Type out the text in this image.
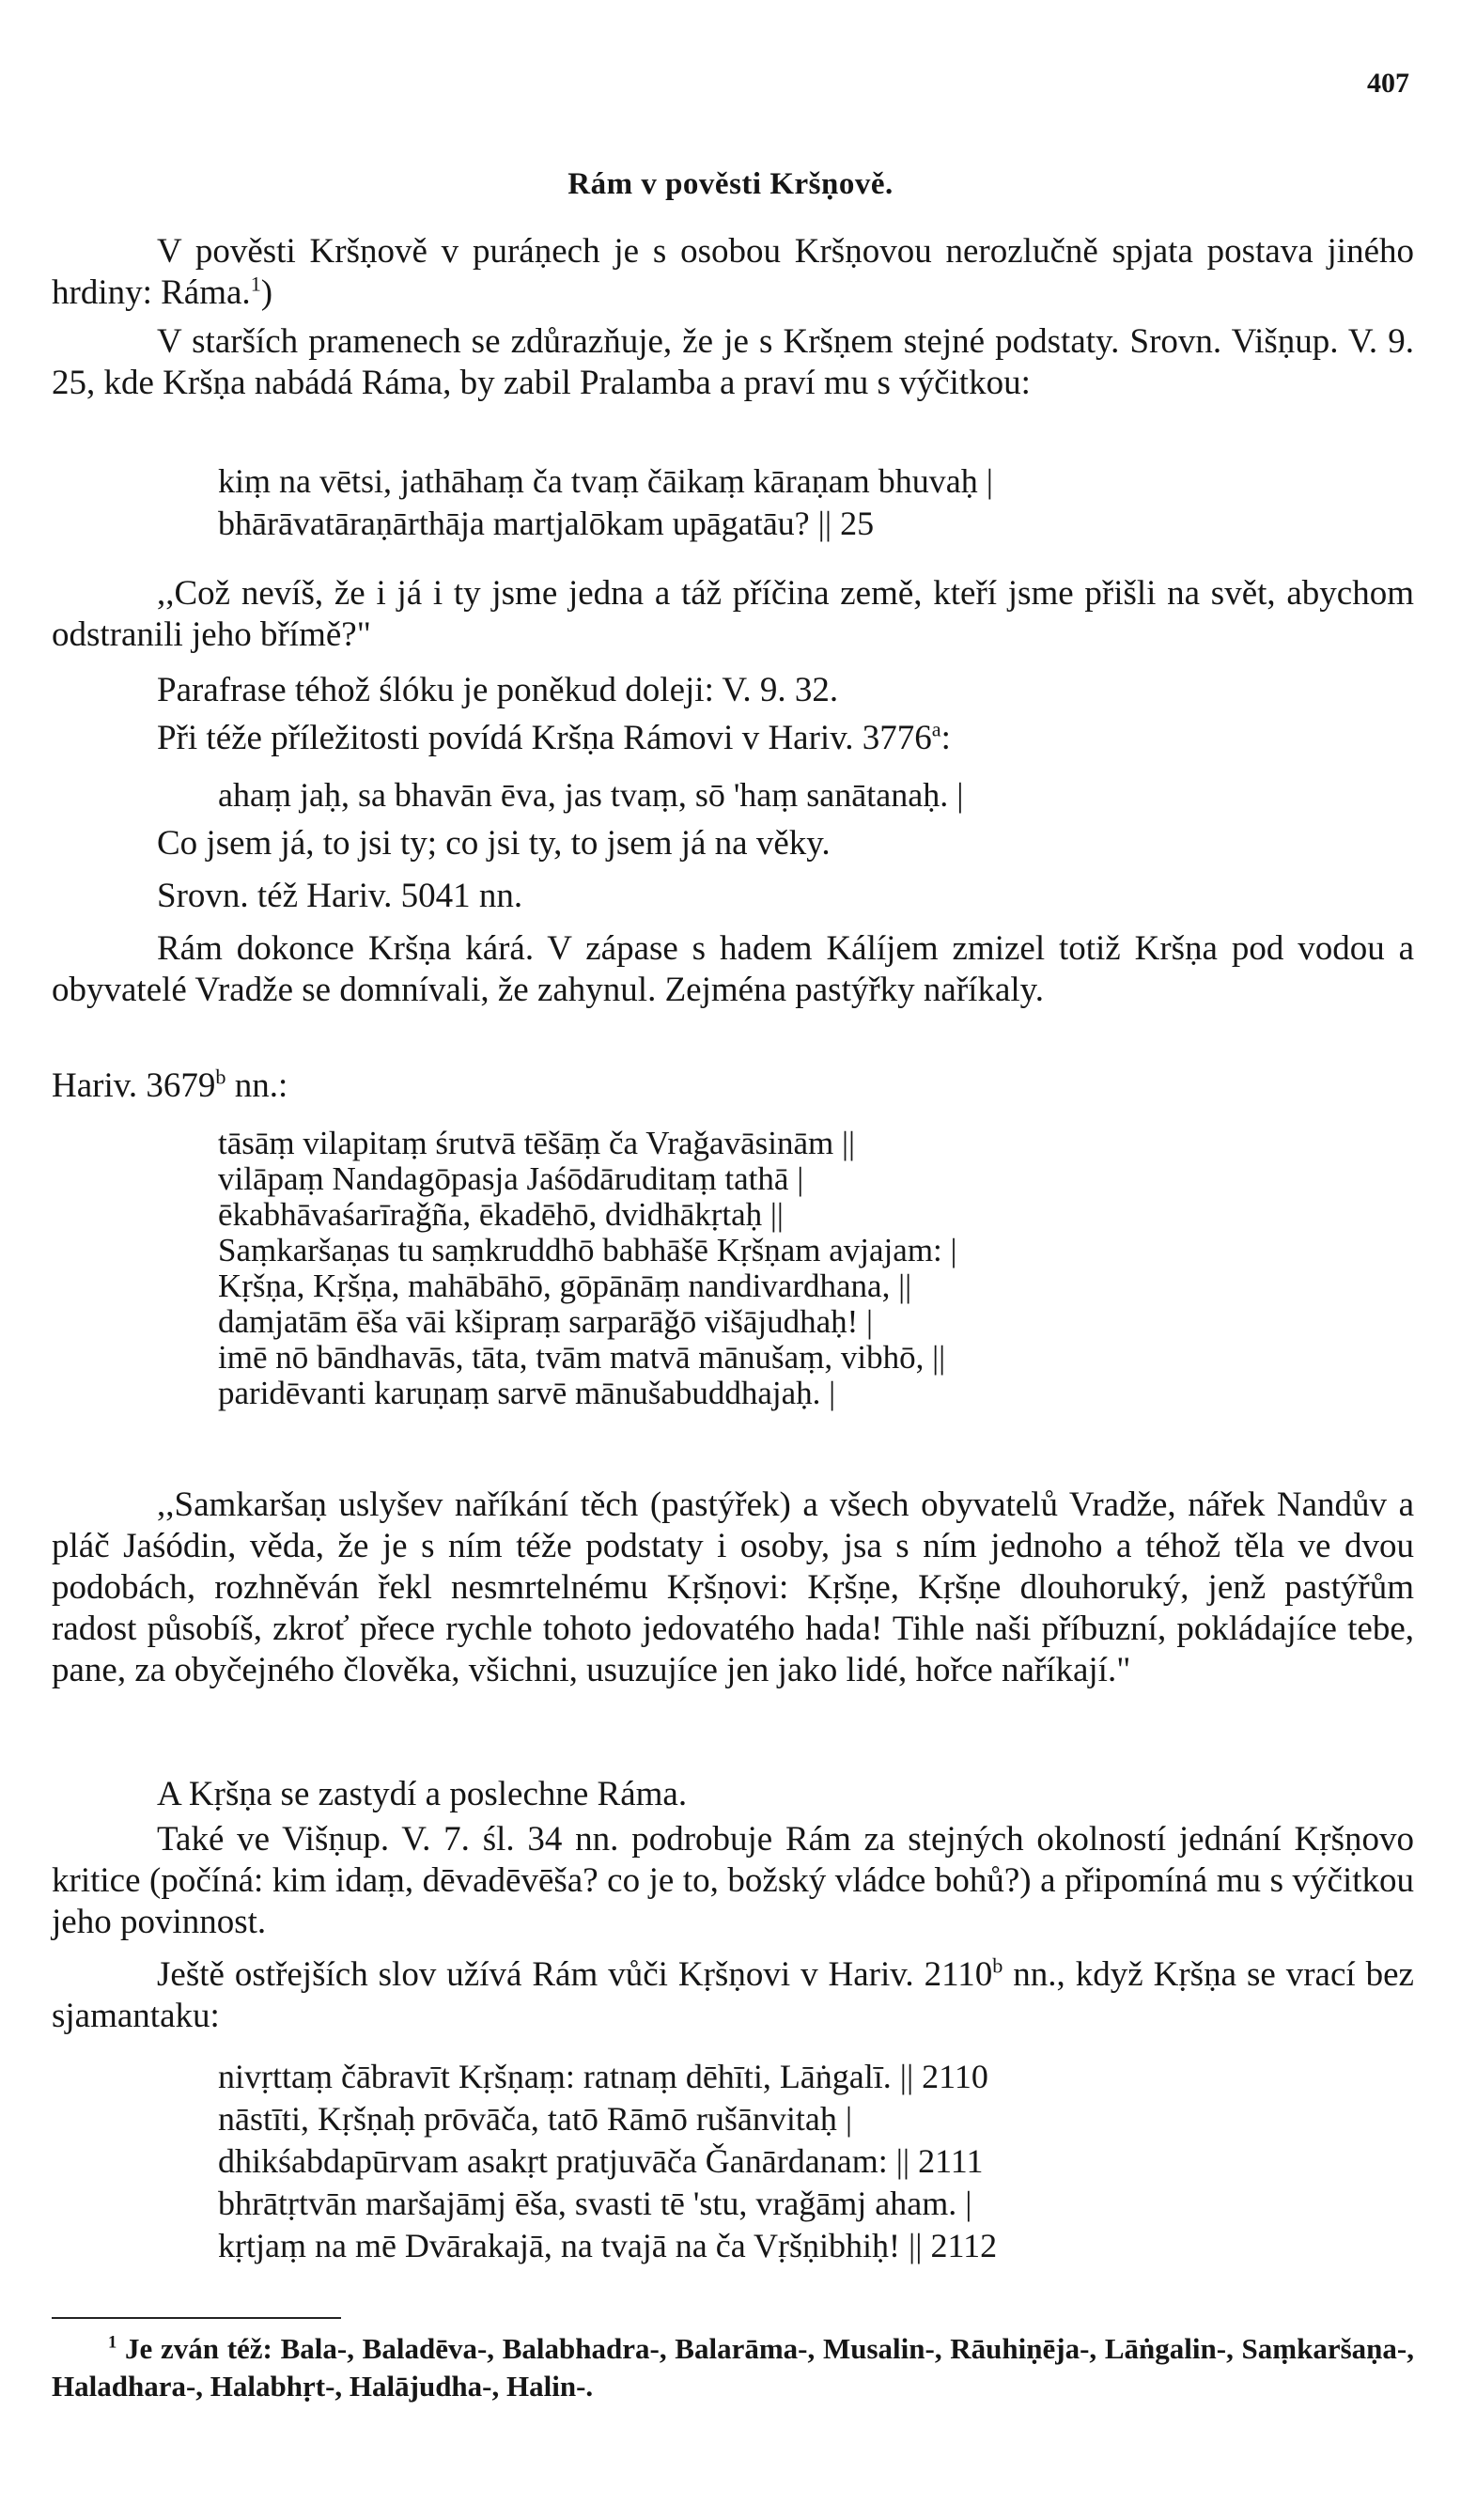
407
Rám v pověsti Kršṇově.

V pověsti Kršṇově v puráṇech je s osobou Kršṇovou nerozlučně spjata postava jiného hrdiny: Ráma.$^1$)

V starších pramenech se zdůrazňuje, že je s Kršṇem stejné podstaty. Srovn. Višṇup. V. 9. 25, kde Kršṇa nabádá Ráma, by zabil Pralamba a praví mu s výčitkou:

kiṃ na vētsi, jathāhaṃ ča tvaṃ čāikaṃ kāraṇam bhuvaḥ |
bhārāvatāraṇārthāja martjalōkam upāgatāu? || 25

,,Což nevíš, že i já i ty jsme jedna a táž příčina země, kteří jsme přišli na svět, abychom odstranili jeho břímě?"

Parafrase téhož ślóku je poněkud doleji: V. 9. 32.

Při téže příležitosti povídá Kršṇa Rámovi v Hariv. 3776$^a$:

ahaṃ jaḥ, sa bhavān ēva, jas tvaṃ, sō 'haṃ sanātanaḥ. |

Co jsem já, to jsi ty; co jsi ty, to jsem já na věky.

Srovn. též Hariv. 5041 nn.

Rám dokonce Kršṇa kárá. V zápase s hadem Kálíjem zmizel totiž Kršṇa pod vodou a obyvatelé Vradže se domnívali, že zahynul. Zejména pastýřky naříkaly.

Hariv. 3679$^b$ nn.:

tāsāṃ vilapitaṃ śrutvā tēšāṃ ča Vraǧavāsinām ||
vilāpaṃ Nandagōpasja Jaśōdāruditaṃ tathā |
ēkabhāvaśarīraǧña, ēkadēhō, dvidhākṛtaḥ ||
Saṃkaršaṇas tu saṃkruddhō babhāšē Kṛšṇam avjajam: |
Kṛšṇa, Kṛšṇa, mahābāhō, gōpānāṃ nandivardhana, ||
damjatām ēša vāi kšipraṃ sarparāǧō višājudhaḥ! |
imē nō bāndhavās, tāta, tvām matvā mānušaṃ, vibhō, ||
paridēvanti karuṇaṃ sarvē mānušabuddhajaḥ. |

,,Samkaršaṇ uslyšev naříkání těch (pastýřek) a všech obyvatelů Vradže, nářek Nandův a pláč Jaśódin, věda, že je s ním téže podstaty i osoby, jsa s ním jednoho a téhož těla ve dvou podobách, rozhněván řekl nesmrtelnému Kṛšṇovi: Kṛšṇe, Kṛšṇe dlouhoruký, jenž pastýřům radost působíš, zkroť přece rychle tohoto jedovatého hada! Tihle naši příbuzní, pokládajíce tebe, pane, za obyčejného člověka, všichni, usuzujíce jen jako lidé, hořce naříkají."

A Kṛšṇa se zastydí a poslechne Ráma.

Také ve Višṇup. V. 7. śl. 34 nn. podrobuje Rám za stejných okolností jednání Kṛšṇovo kritice (počíná: kim idaṃ, dēvadēvēša? co je to, božský vládce bohů?) a připomíná mu s výčitkou jeho povinnost.

Ještě ostřejších slov užívá Rám vůči Kṛšṇovi v Hariv. 2110$^b$ nn., když Kṛšṇa se vrací bez sjamantaku:

nivṛttaṃ čābravīt Kṛšṇaṃ: ratnaṃ dēhīti, Lāṅgalī. || 2110
nāstīti, Kṛšṇaḥ prōvāča, tatō Rāmō rušānvitaḥ |
dhikśabdapūrvam asakṛt pratjuvāča Ǧanārdanam: || 2111
bhrātṛtvān maršajāmj ēša, svasti tē 'stu, vraǧāmj aham. |
kṛtjaṃ na mē Dvārakajā, na tvajā na ča Vṛšṇibhiḥ! || 2112

$^1$ Je zván též: Bala-, Baladēva-, Balabhadra-, Balarāma-, Musalin-, Rāuhiṇēja-, Lāṅgalin-, Saṃkaršaṇa-, Haladhara-, Halabhṛt-, Halājudha-, Halin-.
